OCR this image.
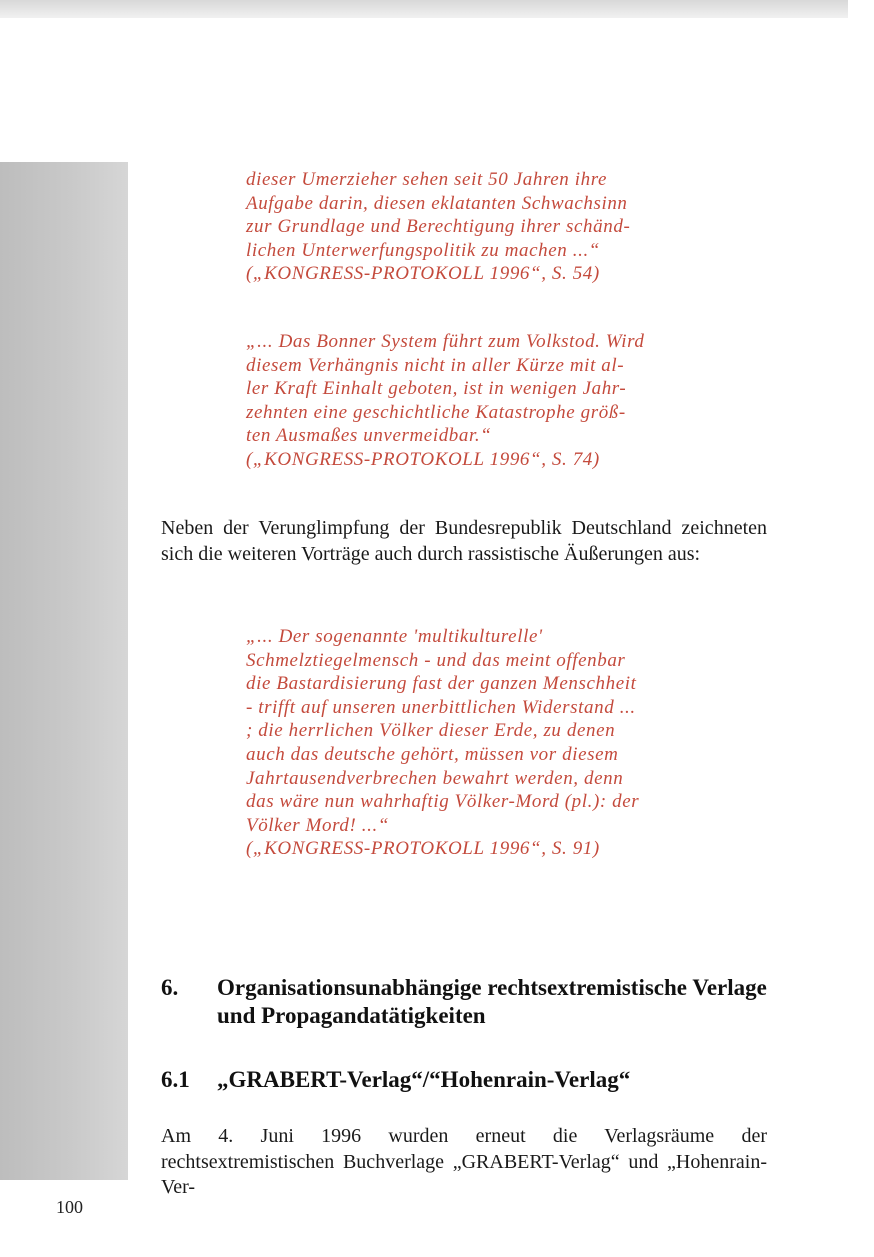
dieser Umerzieher sehen seit 50 Jahren ihre

Aufgabe darin, diesen eklatanten Schwachsinn

zur Grundlage und Berechtigung ihrer schänd-

lichen Unterwerfungspolitik zu machen ...“

(„KONGRESS-PROTOKOLL 1996“, S. 54)

„... Das Bonner System führt zum Volkstod. Wird

diesem Verhängnis nicht in aller Kürze mit al-

ler Kraft Einhalt geboten, ist in wenigen Jahr-

zehnten eine geschichtliche Katastrophe größ-

ten Ausmaßes unvermeidbar.“

(„KONGRESS-PROTOKOLL 1996“, S. 74)

Neben der Verunglimpfung der Bundesrepublik Deutschland zeichneten sich die weiteren Vorträge auch durch rassistische Äußerungen aus:

„... Der sogenannte 'multikulturelle'

Schmelztiegelmensch - und das meint offenbar

die Bastardisierung fast der ganzen Menschheit

- trifft auf unseren unerbittlichen Widerstand ...

; die herrlichen Völker dieser Erde, zu denen

auch das deutsche gehört, müssen vor diesem

Jahrtausendverbrechen bewahrt werden, denn

das wäre nun wahrhaftig Völker-Mord (pl.): der

Völker Mord! ...“

(„KONGRESS-PROTOKOLL 1996“, S. 91)

6. Organisationsunabhängige rechtsextremistische Verlage und Propagandatätigkeiten
6.1 „GRABERT-Verlag“/“Hohenrain-Verlag“

Am 4. Juni 1996 wurden erneut die Verlagsräume der rechtsextremistischen Buchverlage „GRABERT-Verlag“ und „Hohenrain-Ver-

100
